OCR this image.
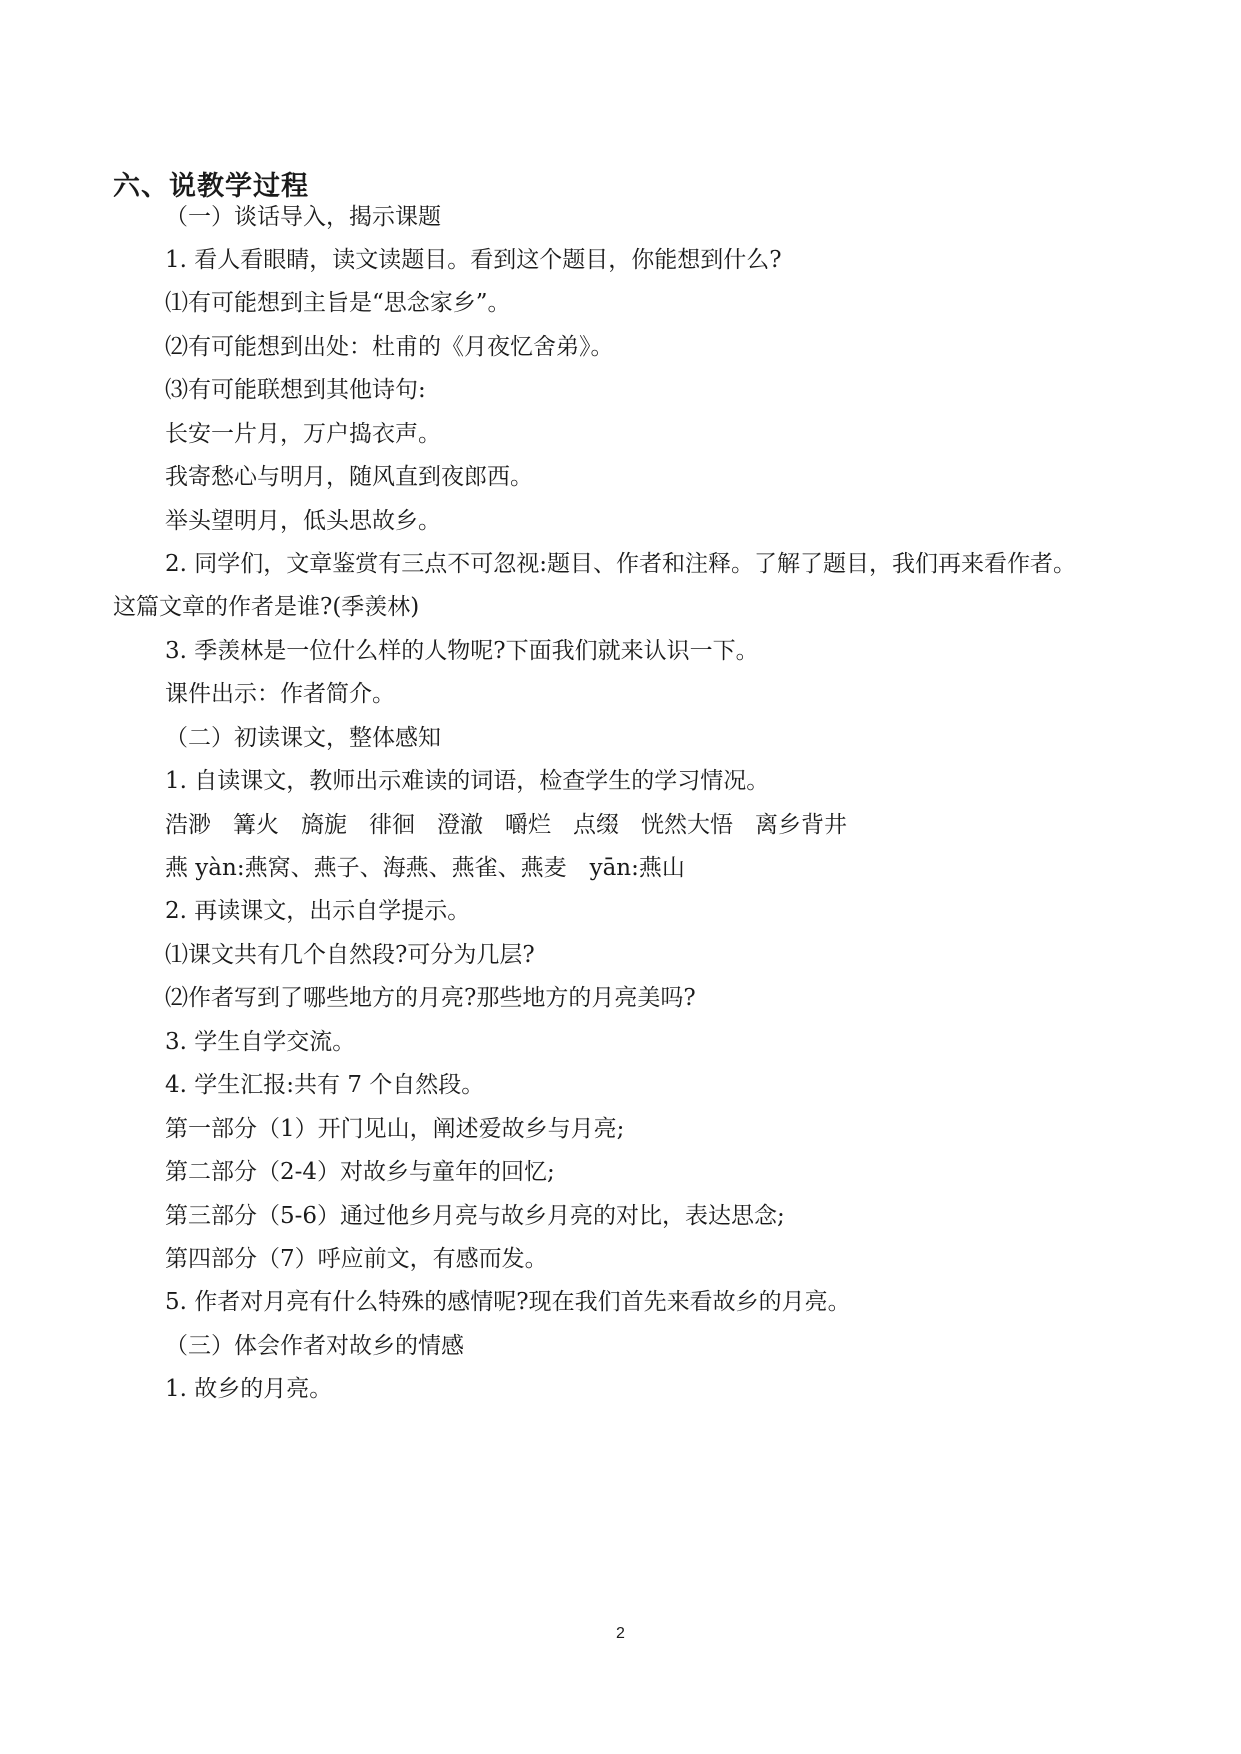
六、说教学过程
（一）谈话导入，揭示课题
1. 看人看眼睛，读文读题目。看到这个题目，你能想到什么?
⑴有可能想到主旨是“思念家乡”。
⑵有可能想到出处：杜甫的《月夜忆舍弟》。
⑶有可能联想到其他诗句:
长安一片月，万户捣衣声。
我寄愁心与明月，随风直到夜郎西。
举头望明月，低头思故乡。
2. 同学们，文章鉴赏有三点不可忽视:题目、作者和注释。了解了题目，我们再来看作者。
这篇文章的作者是谁?(季羡林)
3. 季羡林是一位什么样的人物呢?下面我们就来认识一下。
课件出示：作者简介。
（二）初读课文，整体感知
1. 自读课文，教师出示难读的词语，检查学生的学习情况。
浩渺 篝火 旖旎 徘徊 澄澈 嚼烂 点缀 恍然大悟 离乡背井
燕 yàn:燕窝、燕子、海燕、燕雀、燕麦　yān:燕山
2. 再读课文，出示自学提示。
⑴课文共有几个自然段?可分为几层?
⑵作者写到了哪些地方的月亮?那些地方的月亮美吗?
3. 学生自学交流。
4. 学生汇报:共有 7 个自然段。
第一部分（1）开门见山，阐述爱故乡与月亮;
第二部分（2-4）对故乡与童年的回忆;
第三部分（5-6）通过他乡月亮与故乡月亮的对比，表达思念;
第四部分（7）呼应前文，有感而发。
5. 作者对月亮有什么特殊的感情呢?现在我们首先来看故乡的月亮。
（三）体会作者对故乡的情感
1. 故乡的月亮。
2
